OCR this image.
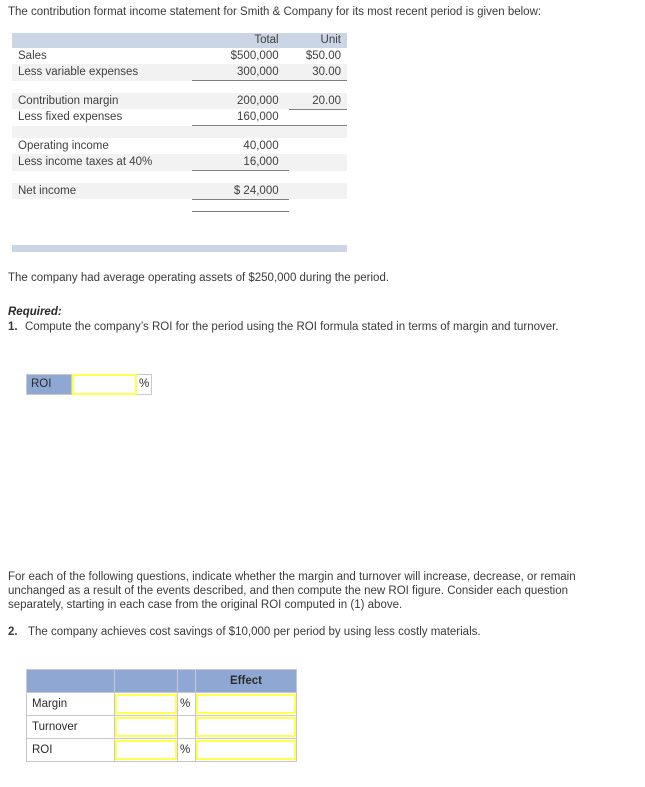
The contribution format income statement for Smith & Company for its most recent period is given below:
	Total	Unit
Sales	$500,000	$50.00
Less variable expenses	300,000	30.00

Contribution margin	200,000	20.00
Less fixed expenses	160,000	

Operating income	40,000	
Less income taxes at 40%	16,000	

Net income	$ 24,000	

The company had average operating assets of $250,000 during the period.
Required:
1. Compute the company’s ROI for the period using the ROI formula stated in terms of margin and turnover.
ROI	%
For each of the following questions, indicate whether the margin and turnover will increase, decrease, or remain unchanged as a result of the events described, and then compute the new ROI figure. Consider each question separately, starting in each case from the original ROI computed in (1) above.
2. The company achieves cost savings of $10,000 per period by using less costly materials.
			Effect
Margin		%	

Turnover	

ROI		%	
